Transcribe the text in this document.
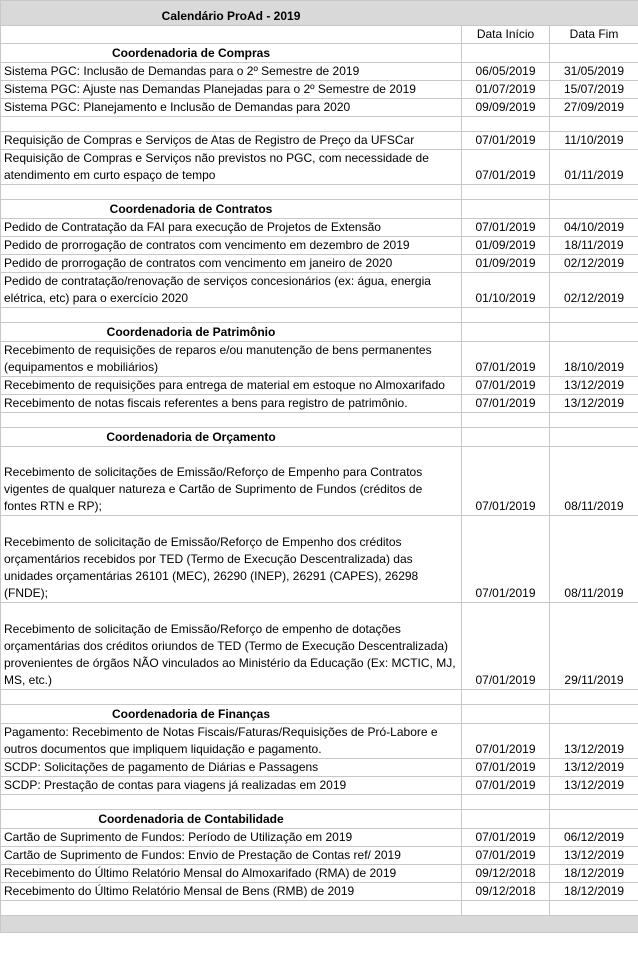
Calendário ProAd - 2019		
	Data Início	Data Fim
Coordenadoria de Compras		
Sistema PGC: Inclusão de Demandas para o 2º Semestre de 2019	06/05/2019	31/05/2019
Sistema PGC: Ajuste nas Demandas Planejadas para o 2º Semestre de 2019	01/07/2019	15/07/2019
Sistema PGC: Planejamento e Inclusão de Demandas para 2020	09/09/2019	27/09/2019

Requisição de Compras e Serviços de Atas de Registro de Preço da UFSCar	07/01/2019	11/10/2019
Requisição de Compras e Serviços não previstos no PGC, com necessidade de atendimento em curto espaço de tempo	07/01/2019	01/11/2019

Coordenadoria de Contratos		
Pedido de Contratação da FAI para execução de Projetos de Extensão	07/01/2019	04/10/2019
Pedido de prorrogação de contratos com vencimento em dezembro de 2019	01/09/2019	18/11/2019
Pedido de prorrogação de contratos com vencimento em janeiro de 2020	01/09/2019	02/12/2019
Pedido de contratação/renovação de serviços concesionários (ex: água, energia elétrica, etc) para o exercício 2020	01/10/2019	02/12/2019

Coordenadoria de Patrimônio		
Recebimento de requisições de reparos e/ou manutenção de bens permanentes (equipamentos e mobiliários)	07/01/2019	18/10/2019
Recebimento de requisições para entrega de material em estoque no Almoxarifado	07/01/2019	13/12/2019
Recebimento de notas fiscais referentes a bens para registro de patrimônio.	07/01/2019	13/12/2019

Coordenadoria de Orçamento		
Recebimento de solicitações de Emissão/Reforço de Empenho para Contratos vigentes de qualquer natureza e Cartão de Suprimento de Fundos (créditos de fontes RTN e RP);	07/01/2019	08/11/2019
Recebimento de solicitação de Emissão/Reforço de Empenho dos créditos orçamentários recebidos por TED (Termo de Execução Descentralizada) das unidades orçamentárias 26101 (MEC), 26290 (INEP), 26291 (CAPES), 26298 (FNDE);	07/01/2019	08/11/2019
Recebimento de solicitação de Emissão/Reforço de empenho de dotações orçamentárias dos créditos oriundos de TED (Termo de Execução Descentralizada) provenientes de órgãos NÃO vinculados ao Ministério da Educação (Ex: MCTIC, MJ, MS, etc.)	07/01/2019	29/11/2019

Coordenadoria de Finanças		
Pagamento: Recebimento de Notas Fiscais/Faturas/Requisições de Pró-Labore e outros documentos que impliquem liquidação e pagamento.	07/01/2019	13/12/2019
SCDP: Solicitações de pagamento de Diárias e Passagens	07/01/2019	13/12/2019
SCDP: Prestação de contas para viagens já realizadas em 2019	07/01/2019	13/12/2019

Coordenadoria de Contabilidade		
Cartão de Suprimento de Fundos: Período de Utilização em 2019	07/01/2019	06/12/2019
Cartão de Suprimento de Fundos: Envio de Prestação de Contas ref/ 2019	07/01/2019	13/12/2019
Recebimento do Último Relatório Mensal do Almoxarifado (RMA) de 2019	09/12/2018	18/12/2019
Recebimento do Último Relatório Mensal de Bens (RMB) de 2019	09/12/2018	18/12/2019
